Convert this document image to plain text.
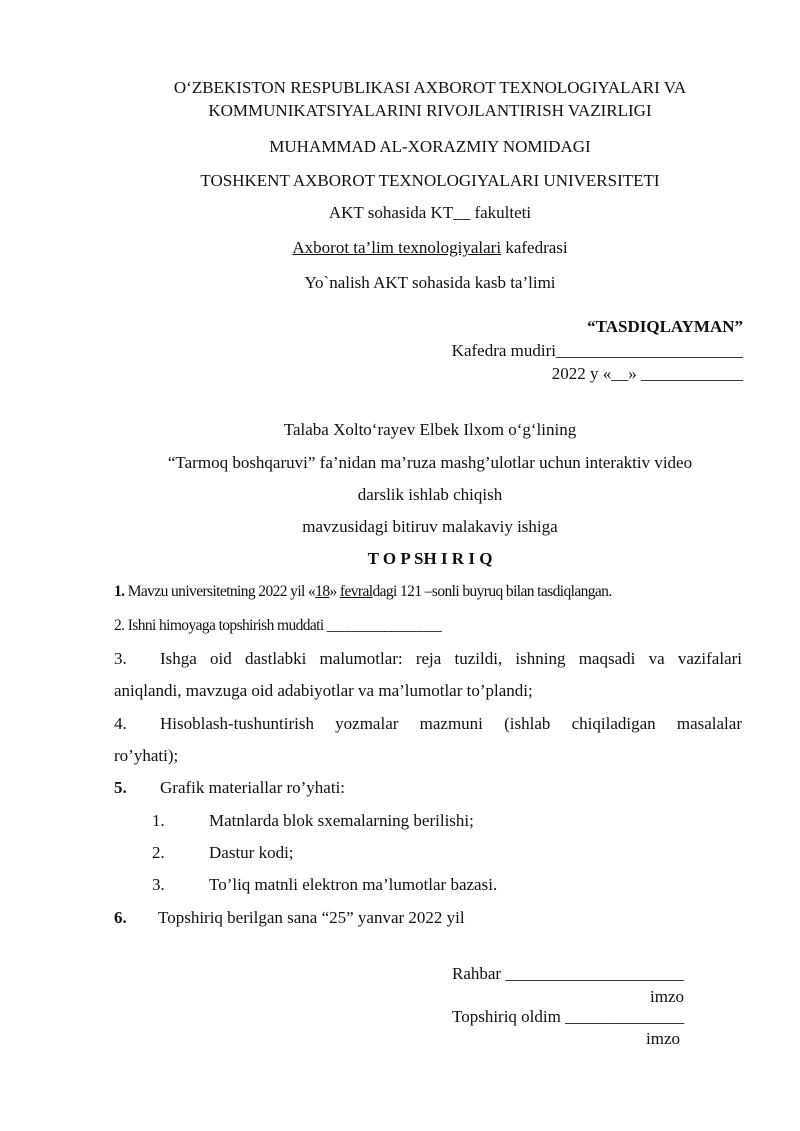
O‘ZBEKISTON RESPUBLIKASI AXBOROT TEXNOLOGIYALARI VA
KOMMUNIKATSIYALARINI RIVOJLANTIRISH VAZIRLIGI
MUHAMMAD AL-XORAZMIY NOMIDAGI
TOSHKENT AXBOROT TEXNOLOGIYALARI UNIVERSITETI
AKT sohasida KT__ fakulteti
Axborot ta’lim texnologiyalari kafedrasi
Yo`nalish AKT sohasida kasb ta’limi
“TASDIQLAYMAN”
Kafedra mudiri______________________
2022 y «__» ____________
Talaba Xolto‘rayev Elbek Ilxom o‘g‘lining
“Tarmoq boshqaruvi” fa’nidan ma’ruza mashg’ulotlar uchun interaktiv video
darslik ishlab chiqish
mavzusidagi bitiruv malakaviy ishiga
T O P SH I R I Q
1. Mavzu universitetning 2022 yil «18» fevraldagi 121 –sonli buyruq bilan tasdiqlangan.
2. Ishni himoyaga topshirish muddati ________________
3. Ishga oid dastlabki malumotlar: reja tuzildi, ishning maqsadi va vazifalari
aniqlandi, mavzuga oid adabiyotlar va ma’lumotlar to’plandi;
4. Hisoblash-tushuntirish yozmalar mazmuni (ishlab chiqiladigan masalalar
ro’yhati);
5. Grafik materiallar ro’yhati:
1.	Matnlarda blok sxemalarning berilishi;
2.	Dastur kodi;
3.	To’liq matnli elektron ma’lumotlar bazasi.
6. Topshiriq berilgan sana “25” yanvar 2022 yil
Rahbar _____________________
imzo
Topshiriq oldim ______________
imzo
